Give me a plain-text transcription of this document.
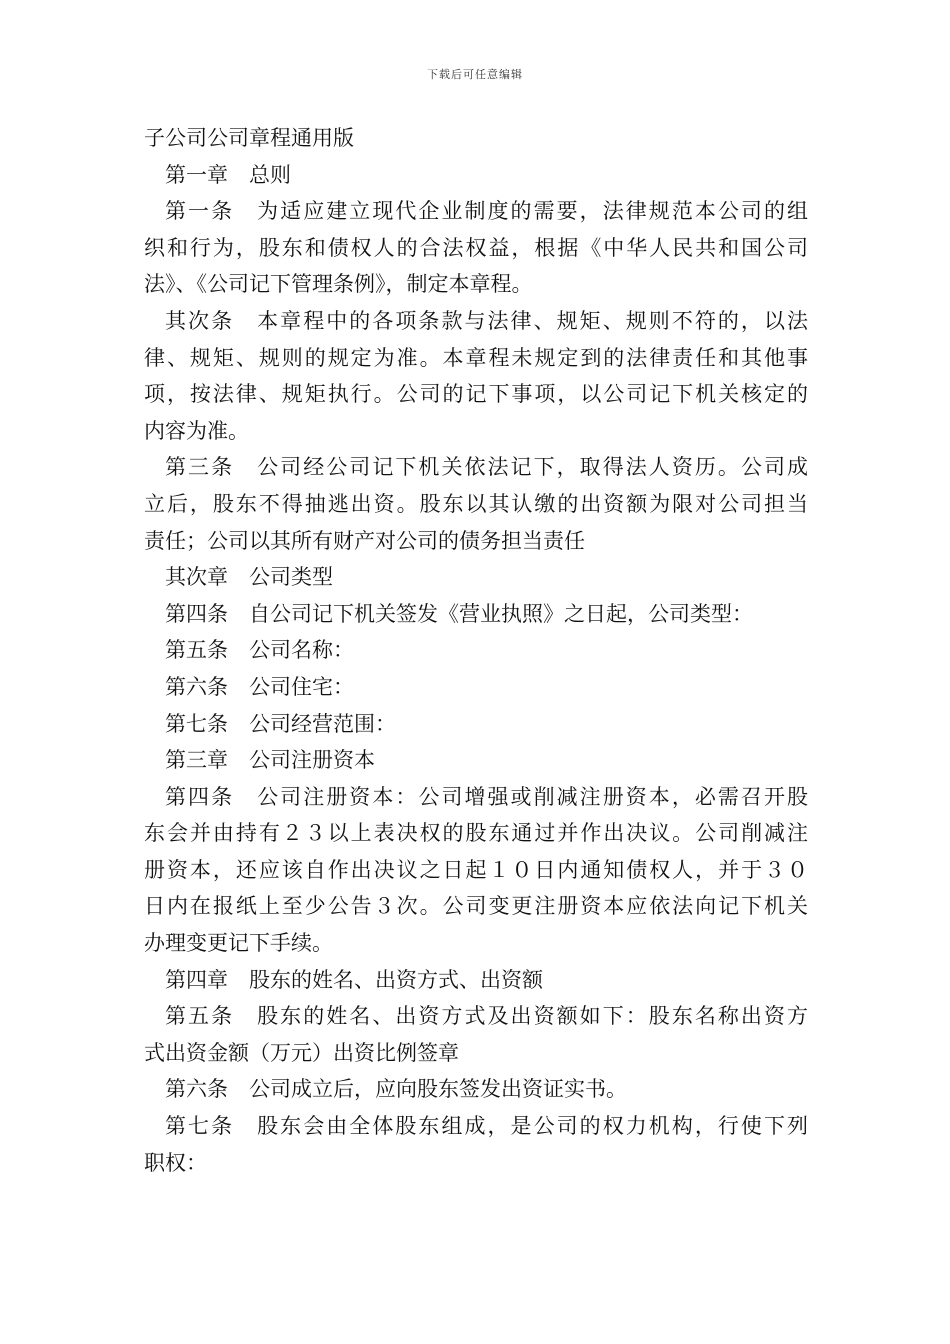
下载后可任意编辑

子公司公司章程通用版

第一章　总则

第一条　为适应建立现代企业制度的需要，法律规范本公司的组

织和行为，股东和债权人的合法权益，根据《中华人民共和国公司

法》、《公司记下管理条例》，制定本章程。

其次条　本章程中的各项条款与法律、规矩、规则不符的，以法

律、规矩、规则的规定为准。本章程未规定到的法律责任和其他事

项，按法律、规矩执行。公司的记下事项，以公司记下机关核定的

内容为准。

第三条　公司经公司记下机关依法记下，取得法人资历。公司成

立后，股东不得抽逃出资。股东以其认缴的出资额为限对公司担当

责任；公司以其所有财产对公司的债务担当责任

其次章　公司类型

第四条　自公司记下机关签发《营业执照》之日起，公司类型：

第五条　公司名称：

第六条　公司住宅：

第七条　公司经营范围：

第三章　公司注册资本

第四条　公司注册资本：公司增强或削减注册资本，必需召开股

东会并由持有２３以上表决权的股东通过并作出决议。公司削减注

册资本，还应该自作出决议之日起１０日内通知债权人，并于３０

日内在报纸上至少公告３次。公司变更注册资本应依法向记下机关

办理变更记下手续。

第四章　股东的姓名、出资方式、出资额

第五条　股东的姓名、出资方式及出资额如下：股东名称出资方

式出资金额（万元）出资比例签章

第六条　公司成立后，应向股东签发出资证实书。

第七条　股东会由全体股东组成，是公司的权力机构，行使下列

职权：
